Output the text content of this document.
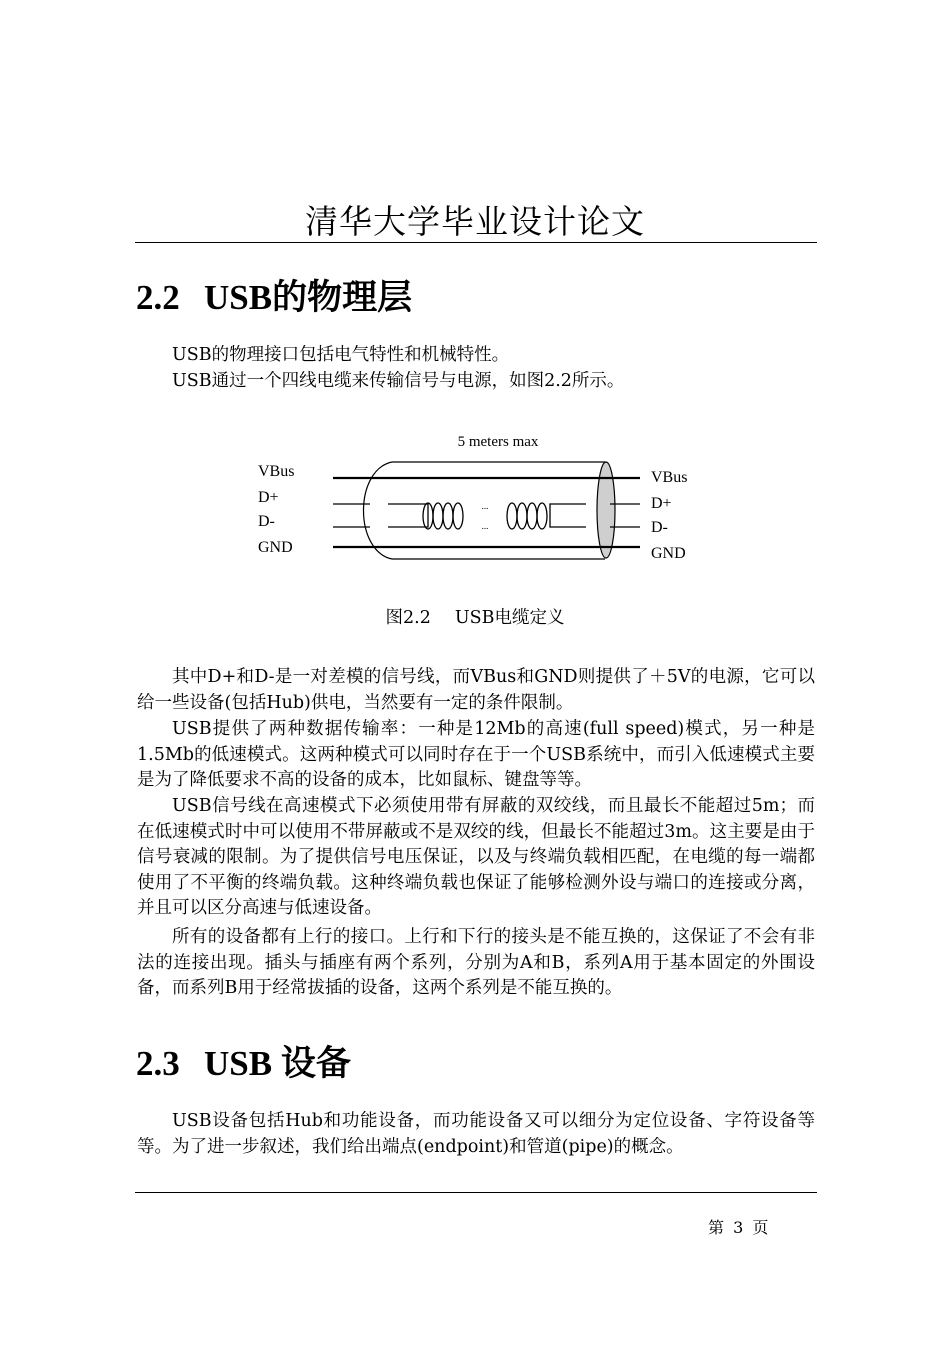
清华大学毕业设计论文
2.2 USB的物理层
USB的物理接口包括电气特性和机械特性。
USB通过一个四线电缆来传输信号与电源，如图2.2所示。
5 meters max
...
...
VBus
D+
D-
GND
VBus
D+
D-
GND
图2.2 USB电缆定义
其中D+和D-是一对差模的信号线，而VBus和GND则提供了＋5V的电源，它可以给一些设备(包括Hub)供电，当然要有一定的条件限制。
USB提供了两种数据传输率：一种是12Mb的高速(full speed)模式，另一种是1.5Mb的低速模式。这两种模式可以同时存在于一个USB系统中，而引入低速模式主要是为了降低要求不高的设备的成本，比如鼠标、键盘等等。
USB信号线在高速模式下必须使用带有屏蔽的双绞线，而且最长不能超过5m；而在低速模式时中可以使用不带屏蔽或不是双绞的线，但最长不能超过3m。这主要是由于信号衰减的限制。为了提供信号电压保证，以及与终端负载相匹配，在电缆的每一端都使用了不平衡的终端负载。这种终端负载也保证了能够检测外设与端口的连接或分离，并且可以区分高速与低速设备。
所有的设备都有上行的接口。上行和下行的接头是不能互换的，这保证了不会有非法的连接出现。插头与插座有两个系列，分别为A和B，系列A用于基本固定的外围设备，而系列B用于经常拔插的设备，这两个系列是不能互换的。
2.3 USB 设备
USB设备包括Hub和功能设备，而功能设备又可以细分为定位设备、字符设备等等。为了进一步叙述，我们给出端点(endpoint)和管道(pipe)的概念。
第 3 页
